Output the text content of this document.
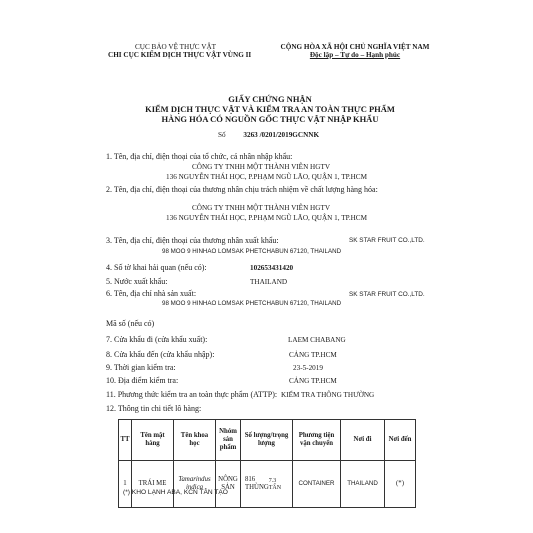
CỤC BẢO VỆ THỰC VẬT
CHI CỤC KIỂM DỊCH THỰC VẬT VÙNG II
CỘNG HÒA XÃ HỘI CHỦ NGHĨA VIỆT NAM
Độc lập – Tự do – Hạnh phúc
GIẤY CHỨNG NHẬN
KIỂM DỊCH THỰC VẬT VÀ KIỂM TRA AN TOÀN THỰC PHẨM
HÀNG HÓA CÓ NGUỒN GỐC THỰC VẬT NHẬP KHẨU
Số 3263 /0201/2019GCNNK
1. Tên, địa chỉ, điện thoại của tổ chức, cá nhân nhập khẩu:
CÔNG TY TNHH MỘT THÀNH VIÊN HGTV
136 NGUYỄN THÁI HỌC, P.PHẠM NGŨ LÃO, QUẬN 1, TP.HCM
2. Tên, địa chỉ, điện thoại của thương nhân chịu trách nhiệm về chất lượng hàng hóa:
CÔNG TY TNHH MỘT THÀNH VIÊN HGTV
136 NGUYỄN THÁI HỌC, P.PHẠM NGŨ LÃO, QUẬN 1, TP.HCM
3. Tên, địa chỉ, điện thoại của thương nhân xuất khẩu:	SK STAR FRUIT CO.,LTD.
98 MOO 9 HINHAO LOMSAK PHETCHABUN 67120, THAILAND
4. Số tờ khai hải quan (nếu có):	102653431420
5. Nước xuất khẩu:	THAILAND
6. Tên, địa chỉ nhà sản xuất:	SK STAR FRUIT CO.,LTD.
98 MOO 9 HINHAO LOMSAK PHETCHABUN 67120, THAILAND
Mã số (nếu có)
7. Cửa khẩu đi (cửa khẩu xuất):	LAEM CHABANG
8. Cửa khẩu đến (cửa khẩu nhập):	CẢNG TP.HCM
9. Thời gian kiểm tra:	23-5-2019
10. Địa điểm kiểm tra:	CẢNG TP.HCM
11. Phương thức kiểm tra an toàn thực phẩm (ATTP): KIỂM TRA THÔNG THƯỜNG
12. Thông tin chi tiết lô hàng:
TT	Tên mặt hàng	Tên khoa học	Nhóm sản phẩm	Số lượng/trọng lượng	Phương tiện vận chuyển	Nơi đi	Nơi đến
1	TRÁI ME	Tamarindus indica	NÔNG SẢN	816 THÙNG 7.3 TẤN	CONTAINER	THAILAND	(*)
(*) KHO LẠNH ABA, KCN TÂN TẠO
